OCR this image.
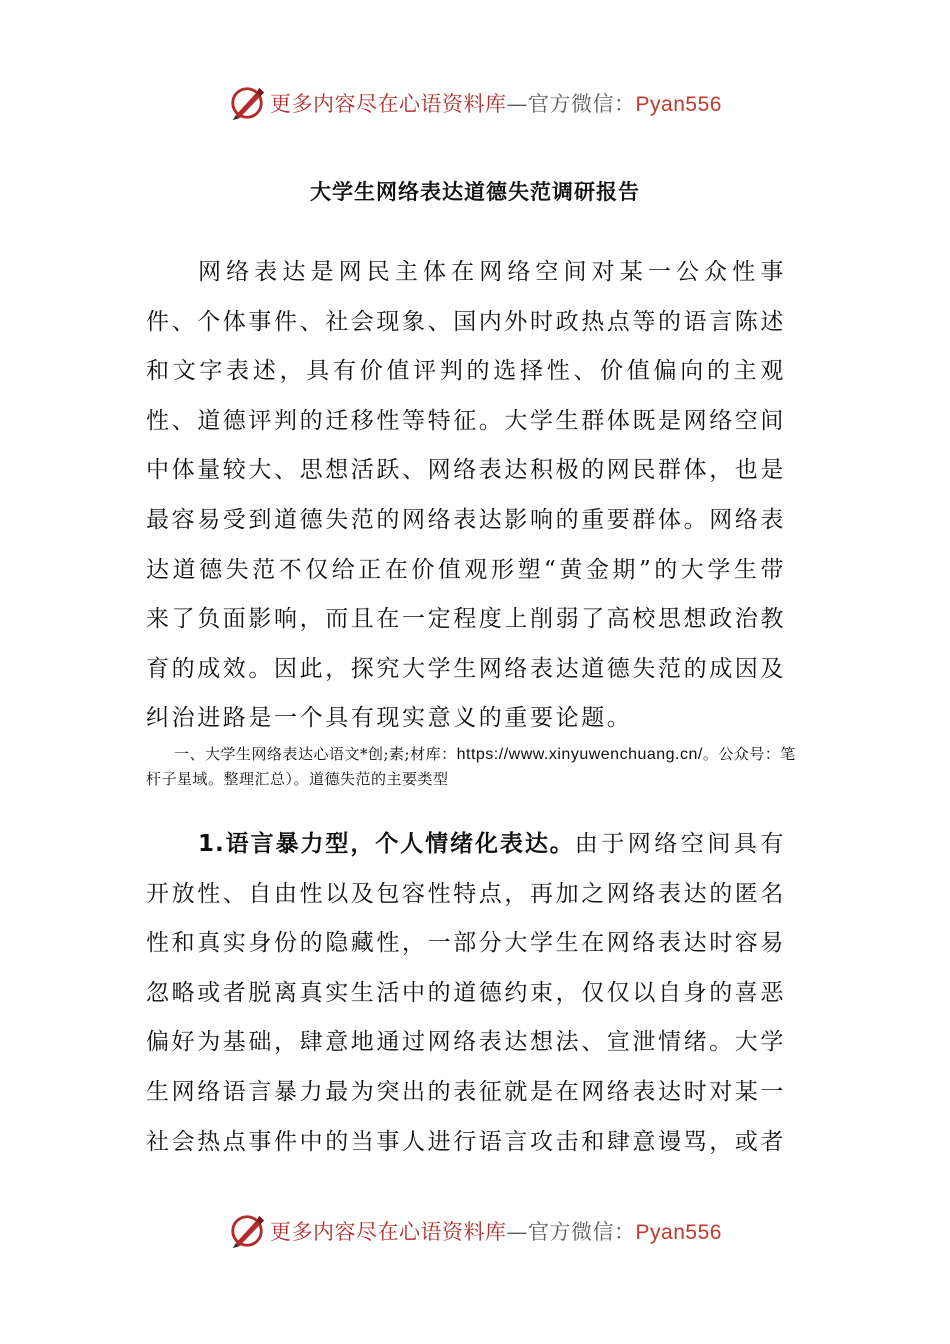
更多内容尽在心语资料库—官方微信：Pyan556
大学生网络表达道德失范调研报告

网络表达是网民主体在网络空间对某一公众性事件、个体事件、社会现象、国内外时政热点等的语言陈述和文字表述，具有价值评判的选择性、价值偏向的主观性、道德评判的迁移性等特征。大学生群体既是网络空间中体量较大、思想活跃、网络表达积极的网民群体，也是最容易受到道德失范的网络表达影响的重要群体。网络表达道德失范不仅给正在价值观形塑“黄金期”的大学生带来了负面影响，而且在一定程度上削弱了高校思想政治教育的成效。因此，探究大学生网络表达道德失范的成因及纠治进路是一个具有现实意义的重要论题。

一、大学生网络表达心语文*创;素;材库：https://www.xinyuwenchuang.cn/。公众号：笔杆子星域。整理汇总）。道德失范的主要类型

1.语言暴力型，个人情绪化表达。由于网络空间具有开放性、自由性以及包容性特点，再加之网络表达的匿名性和真实身份的隐藏性，一部分大学生在网络表达时容易忽略或者脱离真实生活中的道德约束，仅仅以自身的喜恶偏好为基础，肆意地通过网络表达想法、宣泄情绪。大学生网络语言暴力最为突出的表征就是在网络表达时对某一社会热点事件中的当事人进行语言攻击和肆意谩骂，或者

更多内容尽在心语资料库—官方微信：Pyan556
